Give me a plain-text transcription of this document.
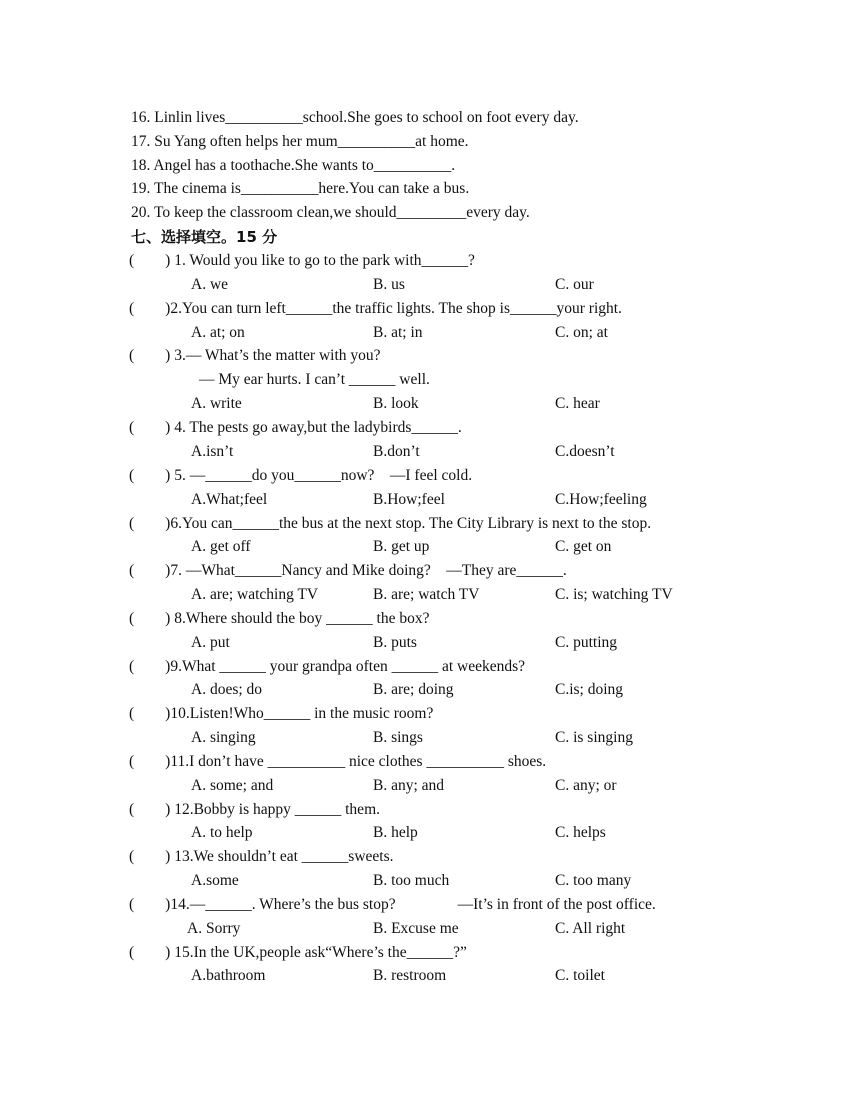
16. Linlin lives__________school.She goes to school on foot every day.
17. Su Yang often helps her mum__________at home.
18. Angel has a toothache.She wants to__________.
19. The cinema is__________here.You can take a bus.
20. To keep the classroom clean,we should_________every day.
七、选择填空。15 分
(        ) 1. Would you like to go to the park with______?
A. we	B. us	C. our
(        )2.You can turn left______the traffic lights. The shop is______your right.
A. at; on	B. at; in	C. on; at
(        ) 3.— What’s the matter with you?
— My ear hurts. I can’t ______ well.
A. write	B. look	C. hear
(        ) 4. The pests go away,but the ladybirds______.
A.isn’t	B.don’t	C.doesn’t
(        ) 5. —______do you______now?    —I feel cold.
A.What;feel	B.How;feel	C.How;feeling
(        )6.You can______the bus at the next stop. The City Library is next to the stop.
A. get off	B. get up	C. get on
(        )7. —What______Nancy and Mike doing?    —They are______.
A. are; watching TV	B. are; watch TV	C. is; watching TV
(        ) 8.Where should the boy ______ the box?
A. put	B. puts	C. putting
(        )9.What ______ your grandpa often ______ at weekends?
A. does; do	B. are; doing	C.is; doing
(        )10.Listen!Who______ in the music room?
A. singing	B. sings	C. is singing
(        )11.I don’t have __________ nice clothes __________ shoes.
A. some; and	B. any; and	C. any; or
(        ) 12.Bobby is happy ______ them.
A. to help	B. help	C. helps
(        ) 13.We shouldn’t eat ______sweets.
A.some	B. too much	C. too many
(        )14.—______. Where’s the bus stop?                —It’s in front of the post office.
A. Sorry	B. Excuse me	C. All right
(        ) 15.In the UK,people ask“Where’s the______?”
A.bathroom	B. restroom	C. toilet
